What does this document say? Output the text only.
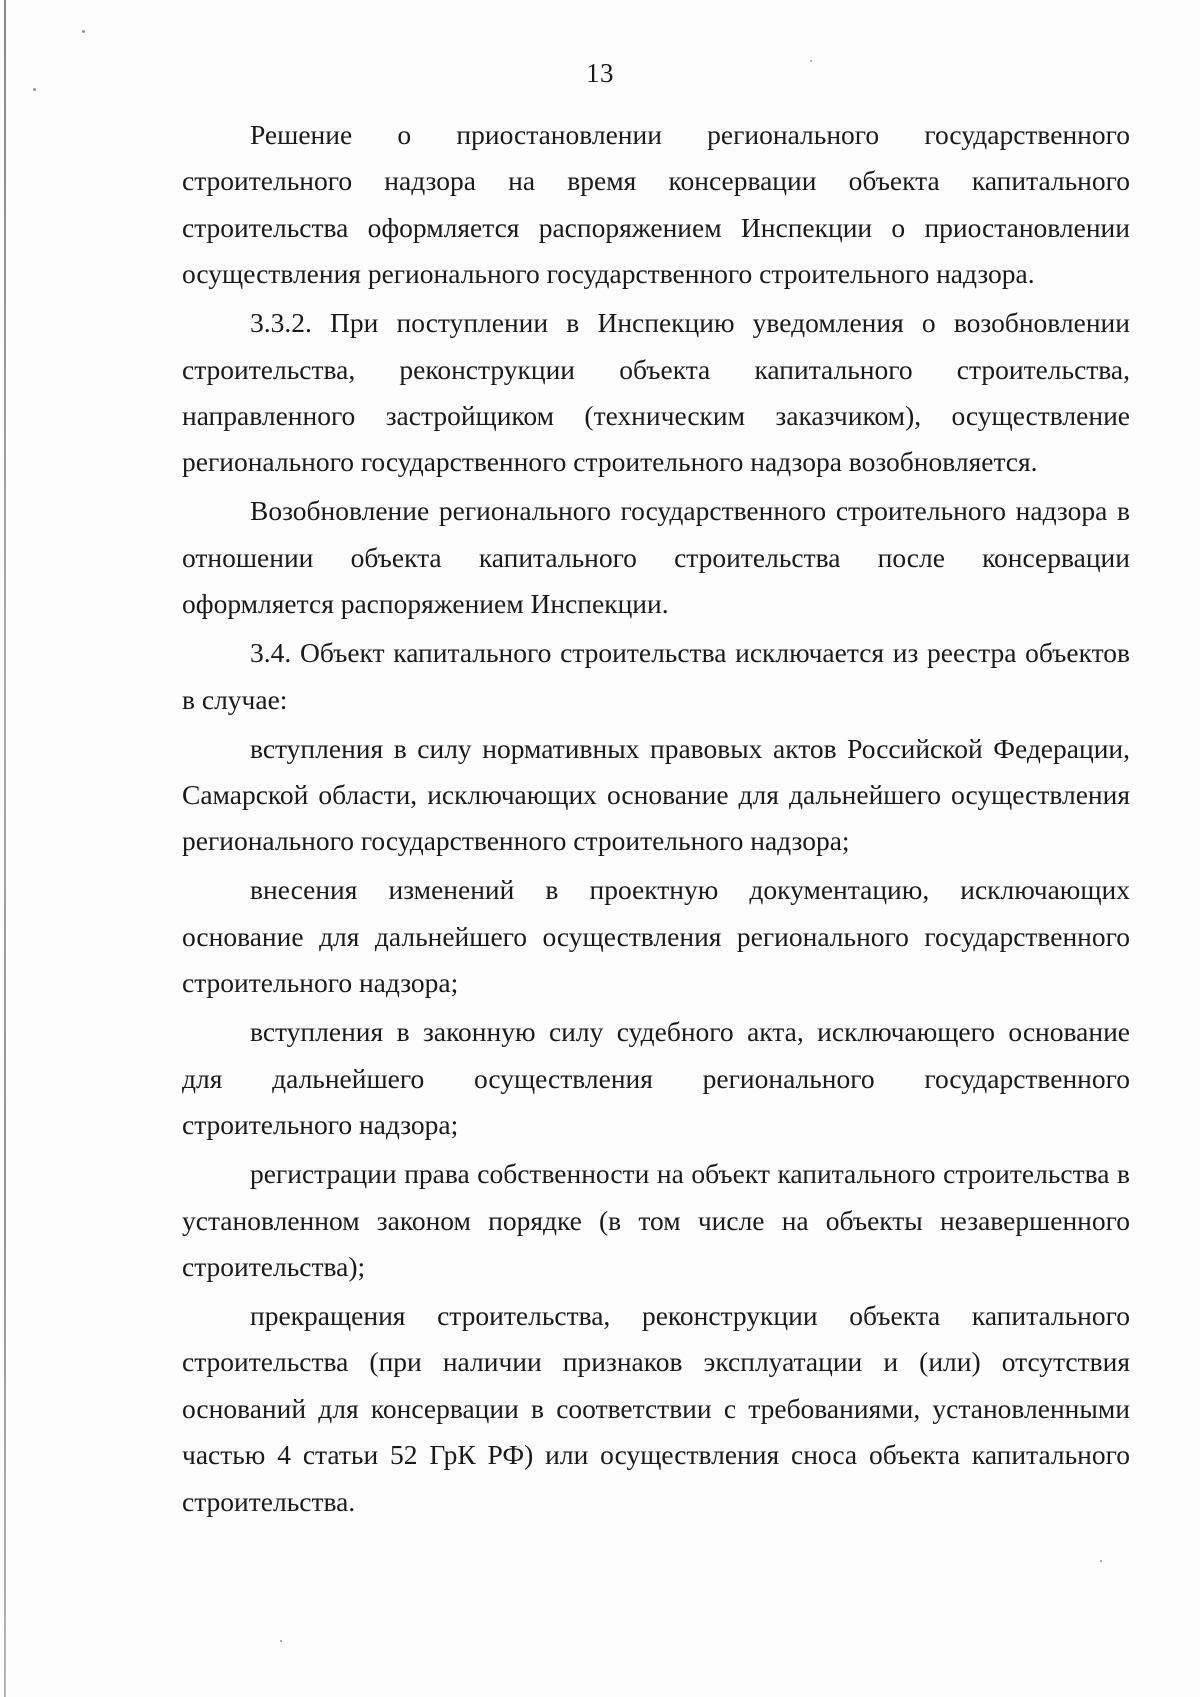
13

Решение о приостановлении регионального государственного строительного надзора на время консервации объекта капитального строительства оформляется распоряжением Инспекции о приостановлении осуществления регионального государственного строительного надзора.

3.3.2. При поступлении в Инспекцию уведомления о возобновлении строительства, реконструкции объекта капитального строительства, направленного застройщиком (техническим заказчиком), осуществление регионального государственного строительного надзора возобновляется.

Возобновление регионального государственного строительного надзора в отношении объекта капитального строительства после консервации оформляется распоряжением Инспекции.

3.4. Объект капитального строительства исключается из реестра объектов в случае:

вступления в силу нормативных правовых актов Российской Федерации, Самарской области, исключающих основание для дальнейшего осуществления регионального государственного строительного надзора;

внесения изменений в проектную документацию, исключающих основание для дальнейшего осуществления регионального государственного строительного надзора;

вступления в законную силу судебного акта, исключающего основание для дальнейшего осуществления регионального государственного строительного надзора;

регистрации права собственности на объект капитального строительства в установленном законом порядке (в том числе на объекты незавершенного строительства);

прекращения строительства, реконструкции объекта капитального строительства (при наличии признаков эксплуатации и (или) отсутствия оснований для консервации в соответствии с требованиями, установленными частью 4 статьи 52 ГрК РФ) или осуществления сноса объекта капитального строительства.
